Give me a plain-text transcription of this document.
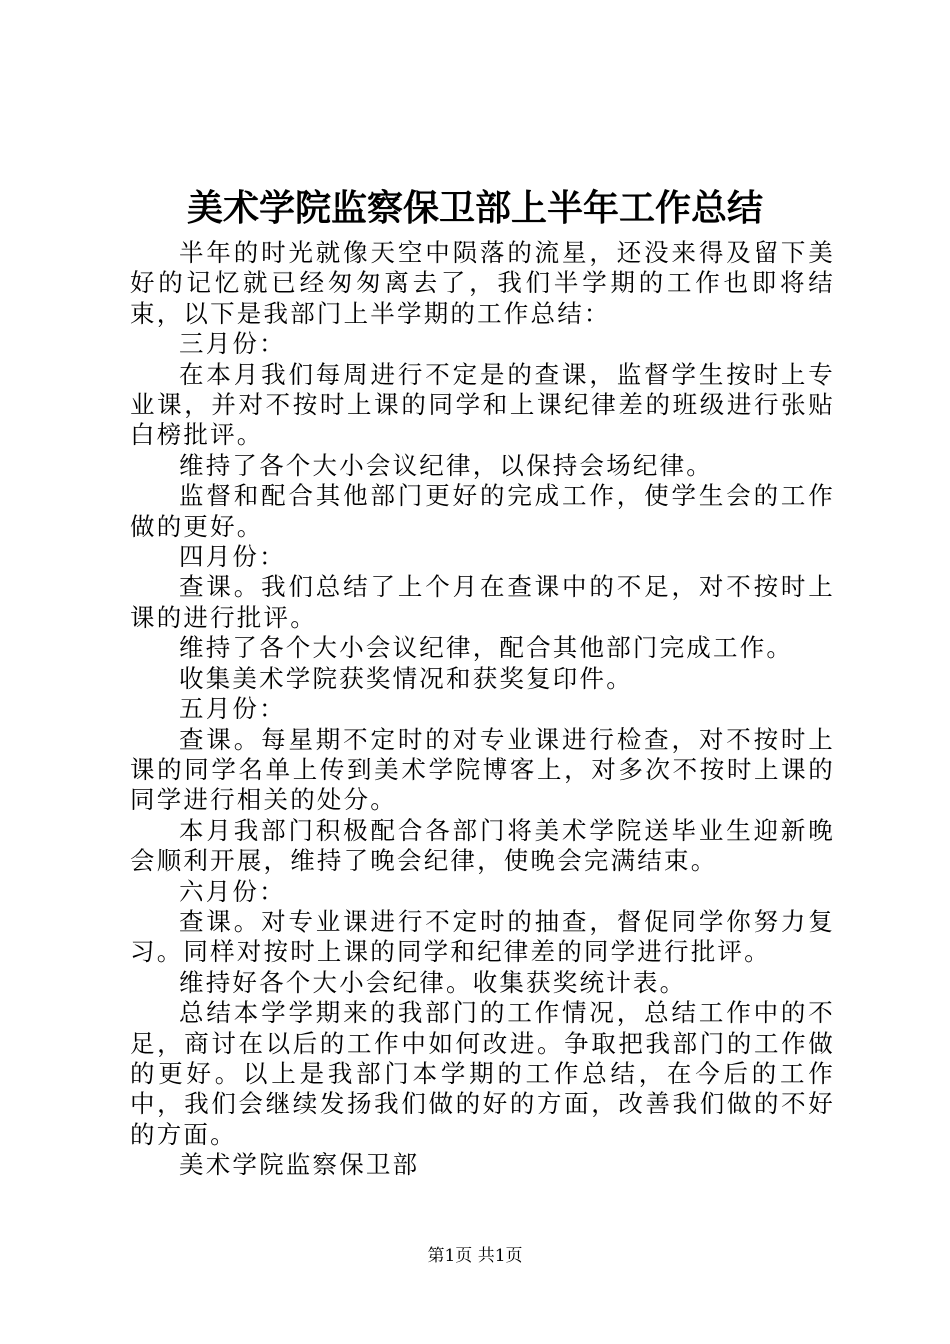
美术学院监察保卫部上半年工作总结

半年的时光就像天空中陨落的流星，还没来得及留下美好的记忆就已经匆匆离去了，我们半学期的工作也即将结束，以下是我部门上半学期的工作总结：

三月份：

在本月我们每周进行不定是的查课，监督学生按时上专业课，并对不按时上课的同学和上课纪律差的班级进行张贴白榜批评。

维持了各个大小会议纪律，以保持会场纪律。

监督和配合其他部门更好的完成工作，使学生会的工作做的更好。

四月份：

查课。我们总结了上个月在查课中的不足，对不按时上课的进行批评。

维持了各个大小会议纪律，配合其他部门完成工作。

收集美术学院获奖情况和获奖复印件。

五月份：

查课。每星期不定时的对专业课进行检查，对不按时上课的同学名单上传到美术学院博客上，对多次不按时上课的同学进行相关的处分。

本月我部门积极配合各部门将美术学院送毕业生迎新晚会顺利开展，维持了晚会纪律，使晚会完满结束。

六月份：

查课。对专业课进行不定时的抽查，督促同学你努力复习。同样对按时上课的同学和纪律差的同学进行批评。

维持好各个大小会纪律。收集获奖统计表。

总结本学学期来的我部门的工作情况，总结工作中的不足，商讨在以后的工作中如何改进。争取把我部门的工作做的更好。以上是我部门本学期的工作总结，在今后的工作中，我们会继续发扬我们做的好的方面，改善我们做的不好的方面。

美术学院监察保卫部

第1页 共1页
